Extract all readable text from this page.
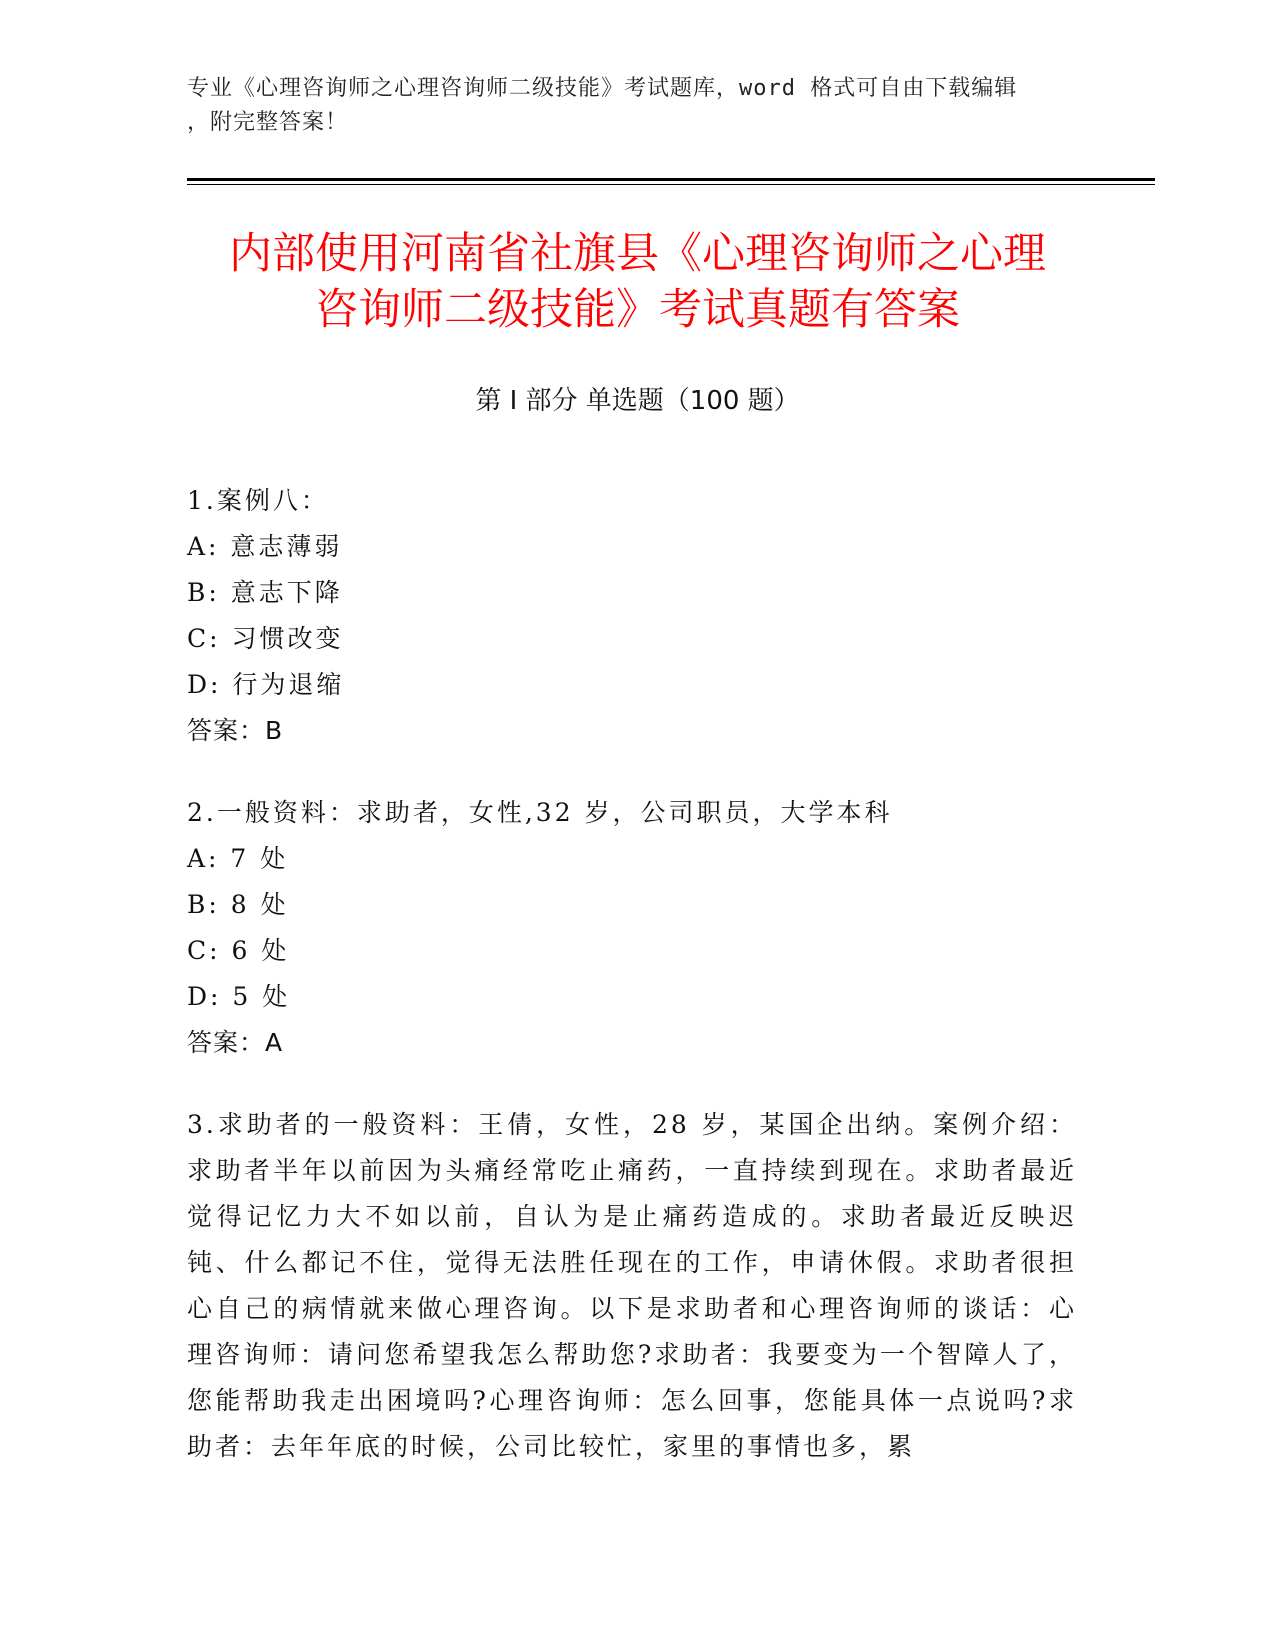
专业《心理咨询师之心理咨询师二级技能》考试题库，word 格式可自由下载编辑
，附完整答案！
内部使用河南省社旗县《心理咨询师之心理
咨询师二级技能》考试真题有答案
第 I 部分 单选题（100 题）
1.案例八：
A: 意志薄弱
B: 意志下降
C: 习惯改变
D: 行为退缩
答案：B
2.一般资料：求助者，女性,32 岁，公司职员，大学本科
A: 7 处
B: 8 处
C: 6 处
D: 5 处
答案：A
3.求助者的一般资料：王倩，女性，28 岁，某国企出纳。案例介绍：求助者半年以前因为头痛经常吃止痛药，一直持续到现在。求助者最近觉得记忆力大不如以前，自认为是止痛药造成的。求助者最近反映迟钝、什么都记不住，觉得无法胜任现在的工作，申请休假。求助者很担心自己的病情就来做心理咨询。以下是求助者和心理咨询师的谈话：心理咨询师：请问您希望我怎么帮助您?求助者：我要变为一个智障人了，您能帮助我走出困境吗?心理咨询师：怎么回事，您能具体一点说吗?求助者：去年年底的时候，公司比较忙，家里的事情也多，累
